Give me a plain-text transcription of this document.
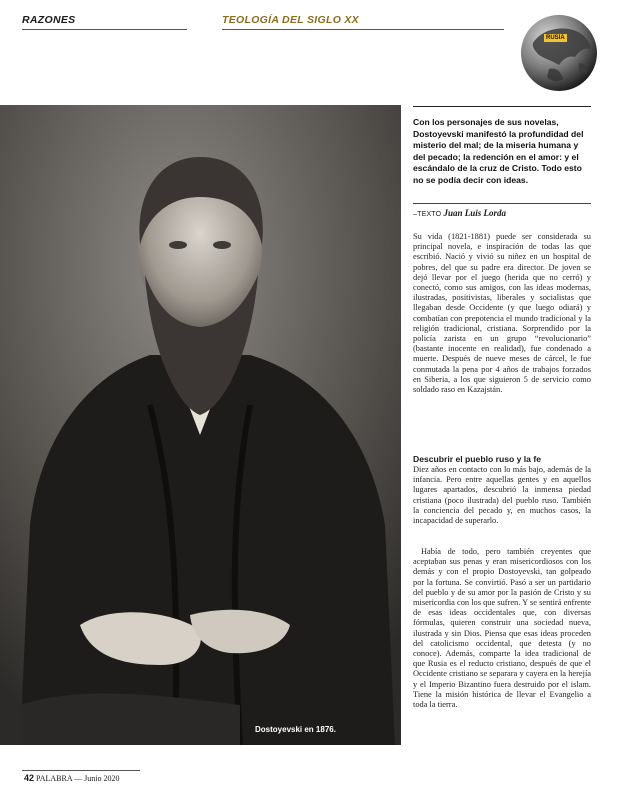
RAZONES	TEOLOGÍA DEL SIGLO XX
RUSIA
Dostoyevski en 1876.
Con los personajes de sus novelas, Dostoyevski manifestó la profundidad del misterio del mal; de la miseria humana y del pecado; la redención en el amor: y el escándalo de la cruz de Cristo. Todo esto no se podía decir con ideas.
–TEXTO Juan Luis Lorda
Su vida (1821-1881) puede ser considerada su principal novela, e inspiración de todas las que escribió. Nació y vivió su niñez en un hospital de pobres, del que su padre era director. De joven se dejó llevar por el juego (herida que no cerró) y conectó, como sus amigos, con las ideas modernas, ilustradas, positivistas, liberales y socialistas que llegaban desde Occidente (y que luego odiará) y combatían con prepotencia el mundo tradicional y la religión tradicional, cristiana. Sorprendido por la policía zarista en un grupo “revolucionario” (bastante inocente en realidad), fue condenado a muerte. Después de nueve meses de cárcel, le fue conmutada la pena por 4 años de trabajos forzados en Siberia, a los que siguieron 5 de servicio como soldado raso en Kazajstán.
Descubrir el pueblo ruso y la fe
Diez años en contacto con lo más bajo, además de la infancia. Pero entre aquellas gentes y en aquellos lugares apartados, descubrió la inmensa piedad cristiana (poco ilustrada) del pueblo ruso. También la conciencia del pecado y, en muchos casos, la incapacidad de superarlo.
Había de todo, pero también creyentes que aceptaban sus penas y eran misericordiosos con los demás y con el propio Dostoyevski, tan golpeado por la fortuna. Se convirtió. Pasó a ser un partidario del pueblo y de su amor por la pasión de Cristo y su misericordia con los que sufren. Y se sentirá enfrente de esas ideas occidentales que, con diversas fórmulas, quieren construir una sociedad nueva, ilustrada y sin Dios. Piensa que esas ideas proceden del catolicismo occidental, que detesta (y no conoce). Además, comparte la idea tradicional de que Rusia es el reducto cristiano, después de que el Occidente cristiano se separara y cayera en la herejía y el Imperio Bizantino fuera destruido por el islam. Tiene la misión histórica de llevar el Evangelio a toda la tierra.
42 PALABRA — Junio 2020
